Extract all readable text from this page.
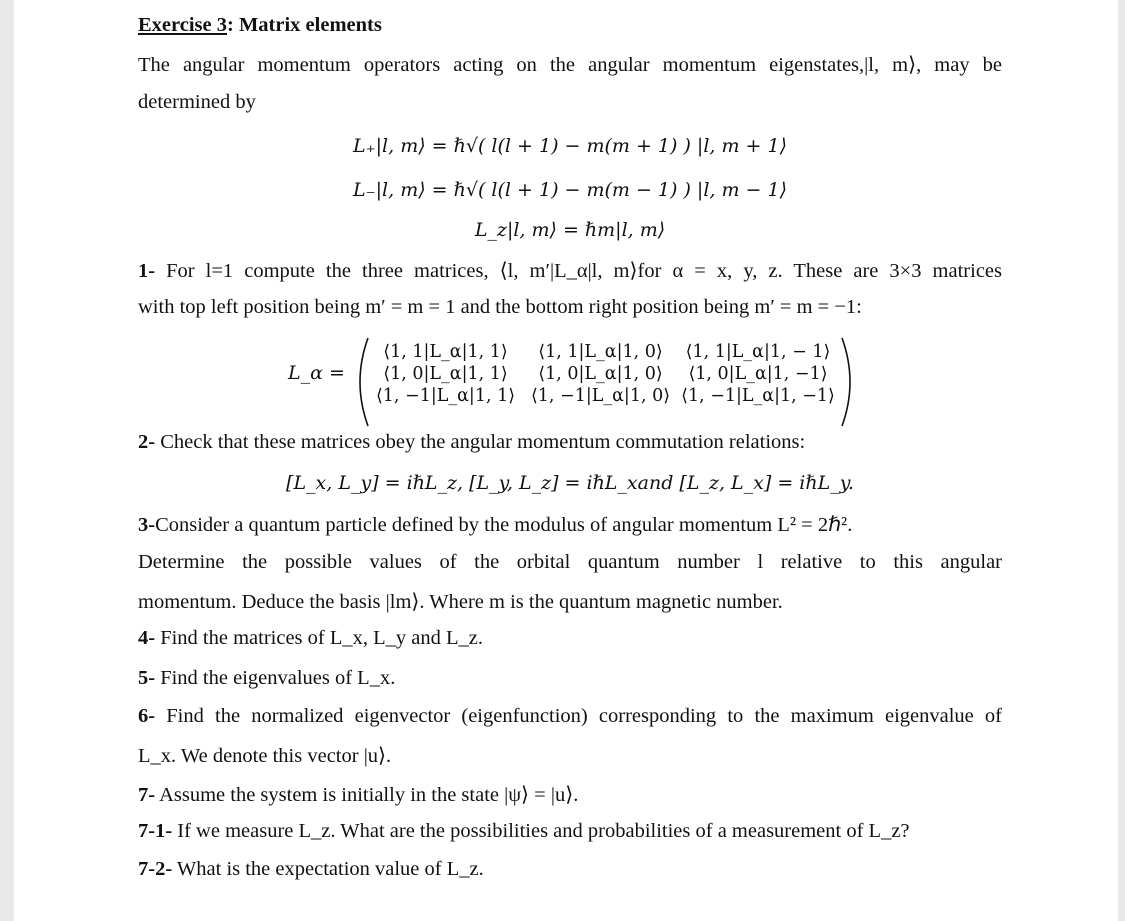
Exercise 3: Matrix elements
The angular momentum operators acting on the angular momentum eigenstates,|l, m⟩, may be
determined by
L₊|l, m⟩ = ℏ√( l(l + 1) − m(m + 1) ) |l, m + 1⟩
L₋|l, m⟩ = ℏ√( l(l + 1) − m(m − 1) ) |l, m − 1⟩
L_z|l, m⟩ = ℏm|l, m⟩
1- For l=1 compute the three matrices, ⟨l, m′|L_α|l, m⟩for α = x, y, z. These are 3×3 matrices
with top left position being m′ = m = 1 and the bottom right position being m′ = m = −1:
L_α =
⟨1, 1|L_α|1, 1⟩	⟨1, 1|L_α|1, 0⟩	⟨1, 1|L_α|1, − 1⟩
⟨1, 0|L_α|1, 1⟩	⟨1, 0|L_α|1, 0⟩	⟨1, 0|L_α|1, −1⟩
⟨1, −1|L_α|1, 1⟩ ⟨1, −1|L_α|1, 0⟩ ⟨1, −1|L_α|1, −1⟩
2- Check that these matrices obey the angular momentum commutation relations:
[L_x, L_y] = iℏL_z, [L_y, L_z] = iℏL_xand [L_z, L_x] = iℏL_y.
3-Consider a quantum particle defined by the modulus of angular momentum L² = 2ℏ².
Determine the possible values of the orbital quantum number l relative to this angular
momentum. Deduce the basis |lm⟩. Where m is the quantum magnetic number.
4- Find the matrices of L_x, L_y and L_z.
5- Find the eigenvalues of L_x.
6- Find the normalized eigenvector (eigenfunction) corresponding to the maximum eigenvalue of
L_x. We denote this vector |u⟩.
7- Assume the system is initially in the state |ψ⟩ = |u⟩.
7-1- If we measure L_z. What are the possibilities and probabilities of a measurement of L_z?
7-2- What is the expectation value of L_z.
